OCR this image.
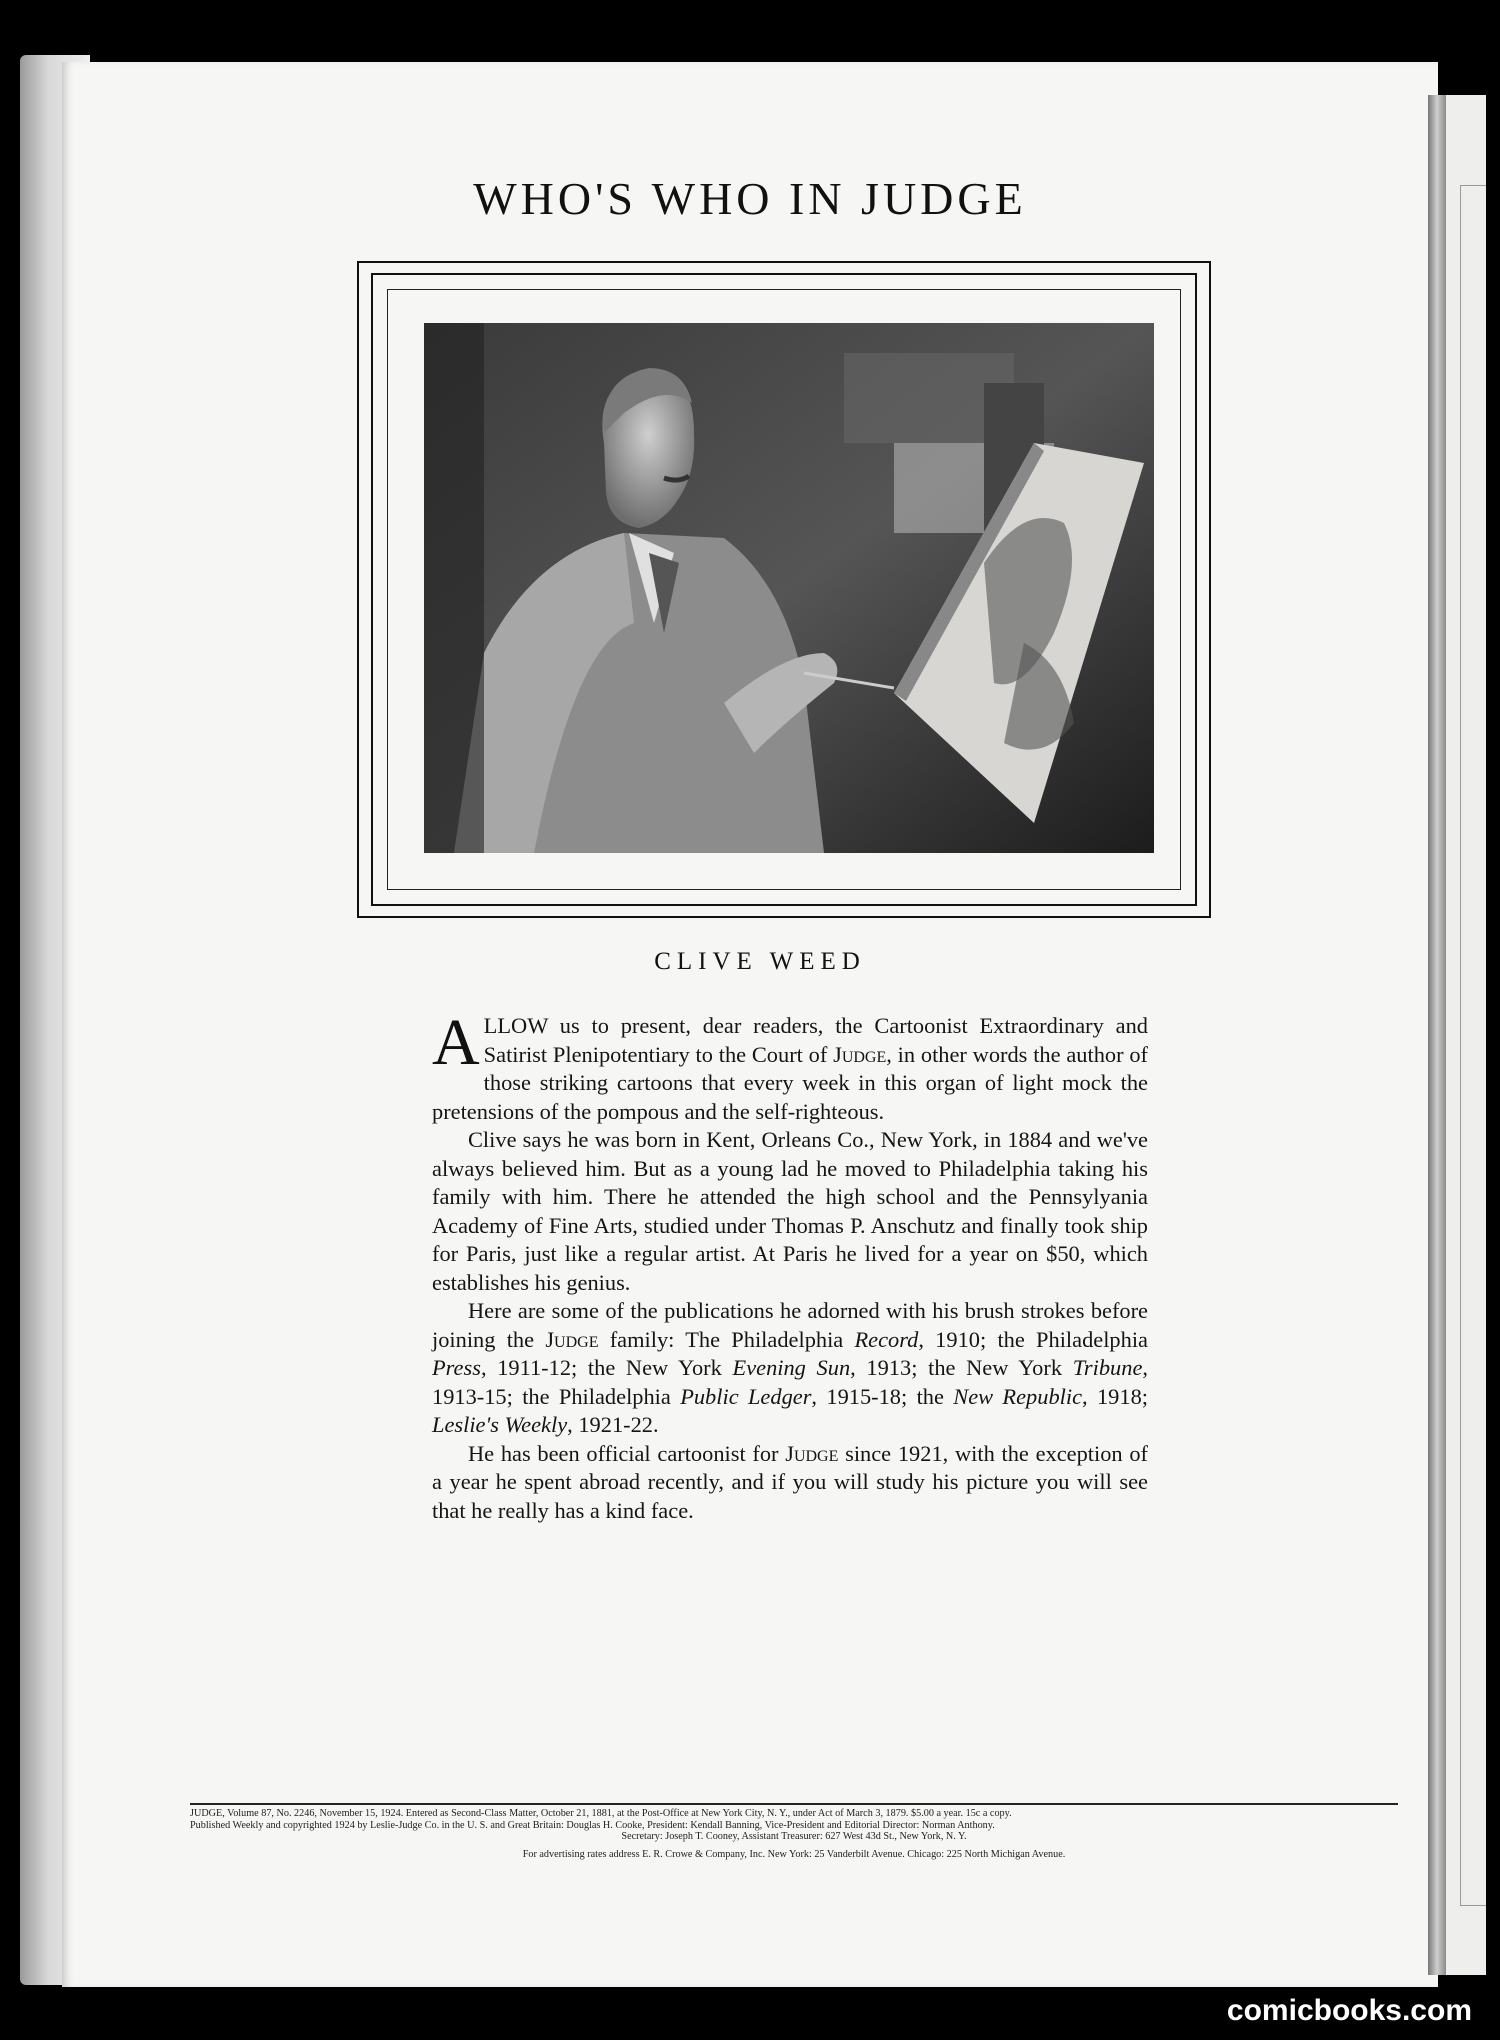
WHO'S WHO IN JUDGE
CLIVE WEED

ALLOW us to present, dear readers, the Cartoonist Extraordinary and Satirist Plenipotentiary to the Court of Judge, in other words the author of those striking cartoons that every week in this organ of light mock the pretensions of the pompous and the self-righteous.

Clive says he was born in Kent, Orleans Co., New York, in 1884 and we've always believed him. But as a young lad he moved to Philadelphia taking his family with him. There he attended the high school and the Pennsylyania Academy of Fine Arts, studied under Thomas P. Anschutz and finally took ship for Paris, just like a regular artist. At Paris he lived for a year on $50, which establishes his genius.

Here are some of the publications he adorned with his brush strokes before joining the Judge family: The Philadelphia Record, 1910; the Philadelphia Press, 1911-12; the New York Evening Sun, 1913; the New York Tribune, 1913-15; the Philadelphia Public Ledger, 1915-18; the New Republic, 1918; Leslie's Weekly, 1921-22.

He has been official cartoonist for Judge since 1921, with the exception of a year he spent abroad recently, and if you will study his picture you will see that he really has a kind face.

JUDGE, Volume 87, No. 2246, November 15, 1924. Entered as Second-Class Matter, October 21, 1881, at the Post-Office at New York City, N. Y., under Act of March 3, 1879. $5.00 a year. 15c a copy.
Published Weekly and copyrighted 1924 by Leslie-Judge Co. in the U. S. and Great Britain: Douglas H. Cooke, President: Kendall Banning, Vice-President and Editorial Director: Norman Anthony.
Secretary: Joseph T. Cooney, Assistant Treasurer: 627 West 43d St., New York, N. Y.
For advertising rates address E. R. Crowe & Company, Inc. New York: 25 Vanderbilt Avenue. Chicago: 225 North Michigan Avenue.
comicbooks.com
